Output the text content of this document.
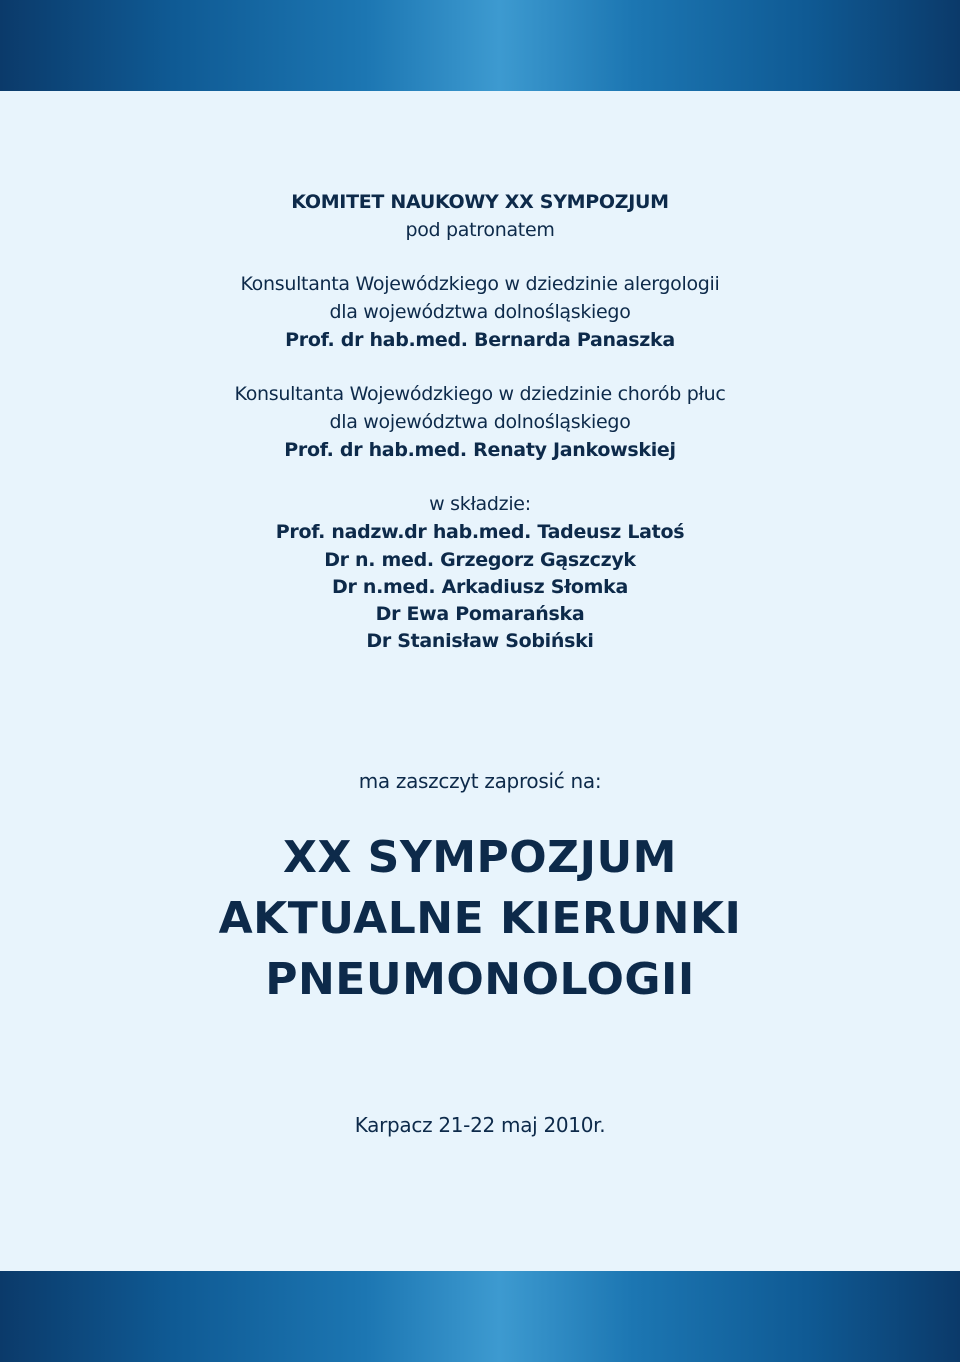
KOMITET NAUKOWY XX SYMPOZJUM
pod patronatem
Konsultanta Wojewódzkiego w dziedzinie alergologii
dla województwa dolnośląskiego
Prof. dr hab.med. Bernarda Panaszka
Konsultanta Wojewódzkiego w dziedzinie chorób płuc
dla województwa dolnośląskiego
Prof. dr hab.med. Renaty Jankowskiej
w składzie:
Prof. nadzw.dr hab.med. Tadeusz Latoś
Dr n. med. Grzegorz Gąszczyk
Dr n.med. Arkadiusz Słomka
Dr Ewa Pomarańska
Dr Stanisław Sobiński
ma zaszczyt zaprosić na:
XX SYMPOZJUM
AKTUALNE KIERUNKI
PNEUMONOLOGII
Karpacz 21-22 maj 2010r.
